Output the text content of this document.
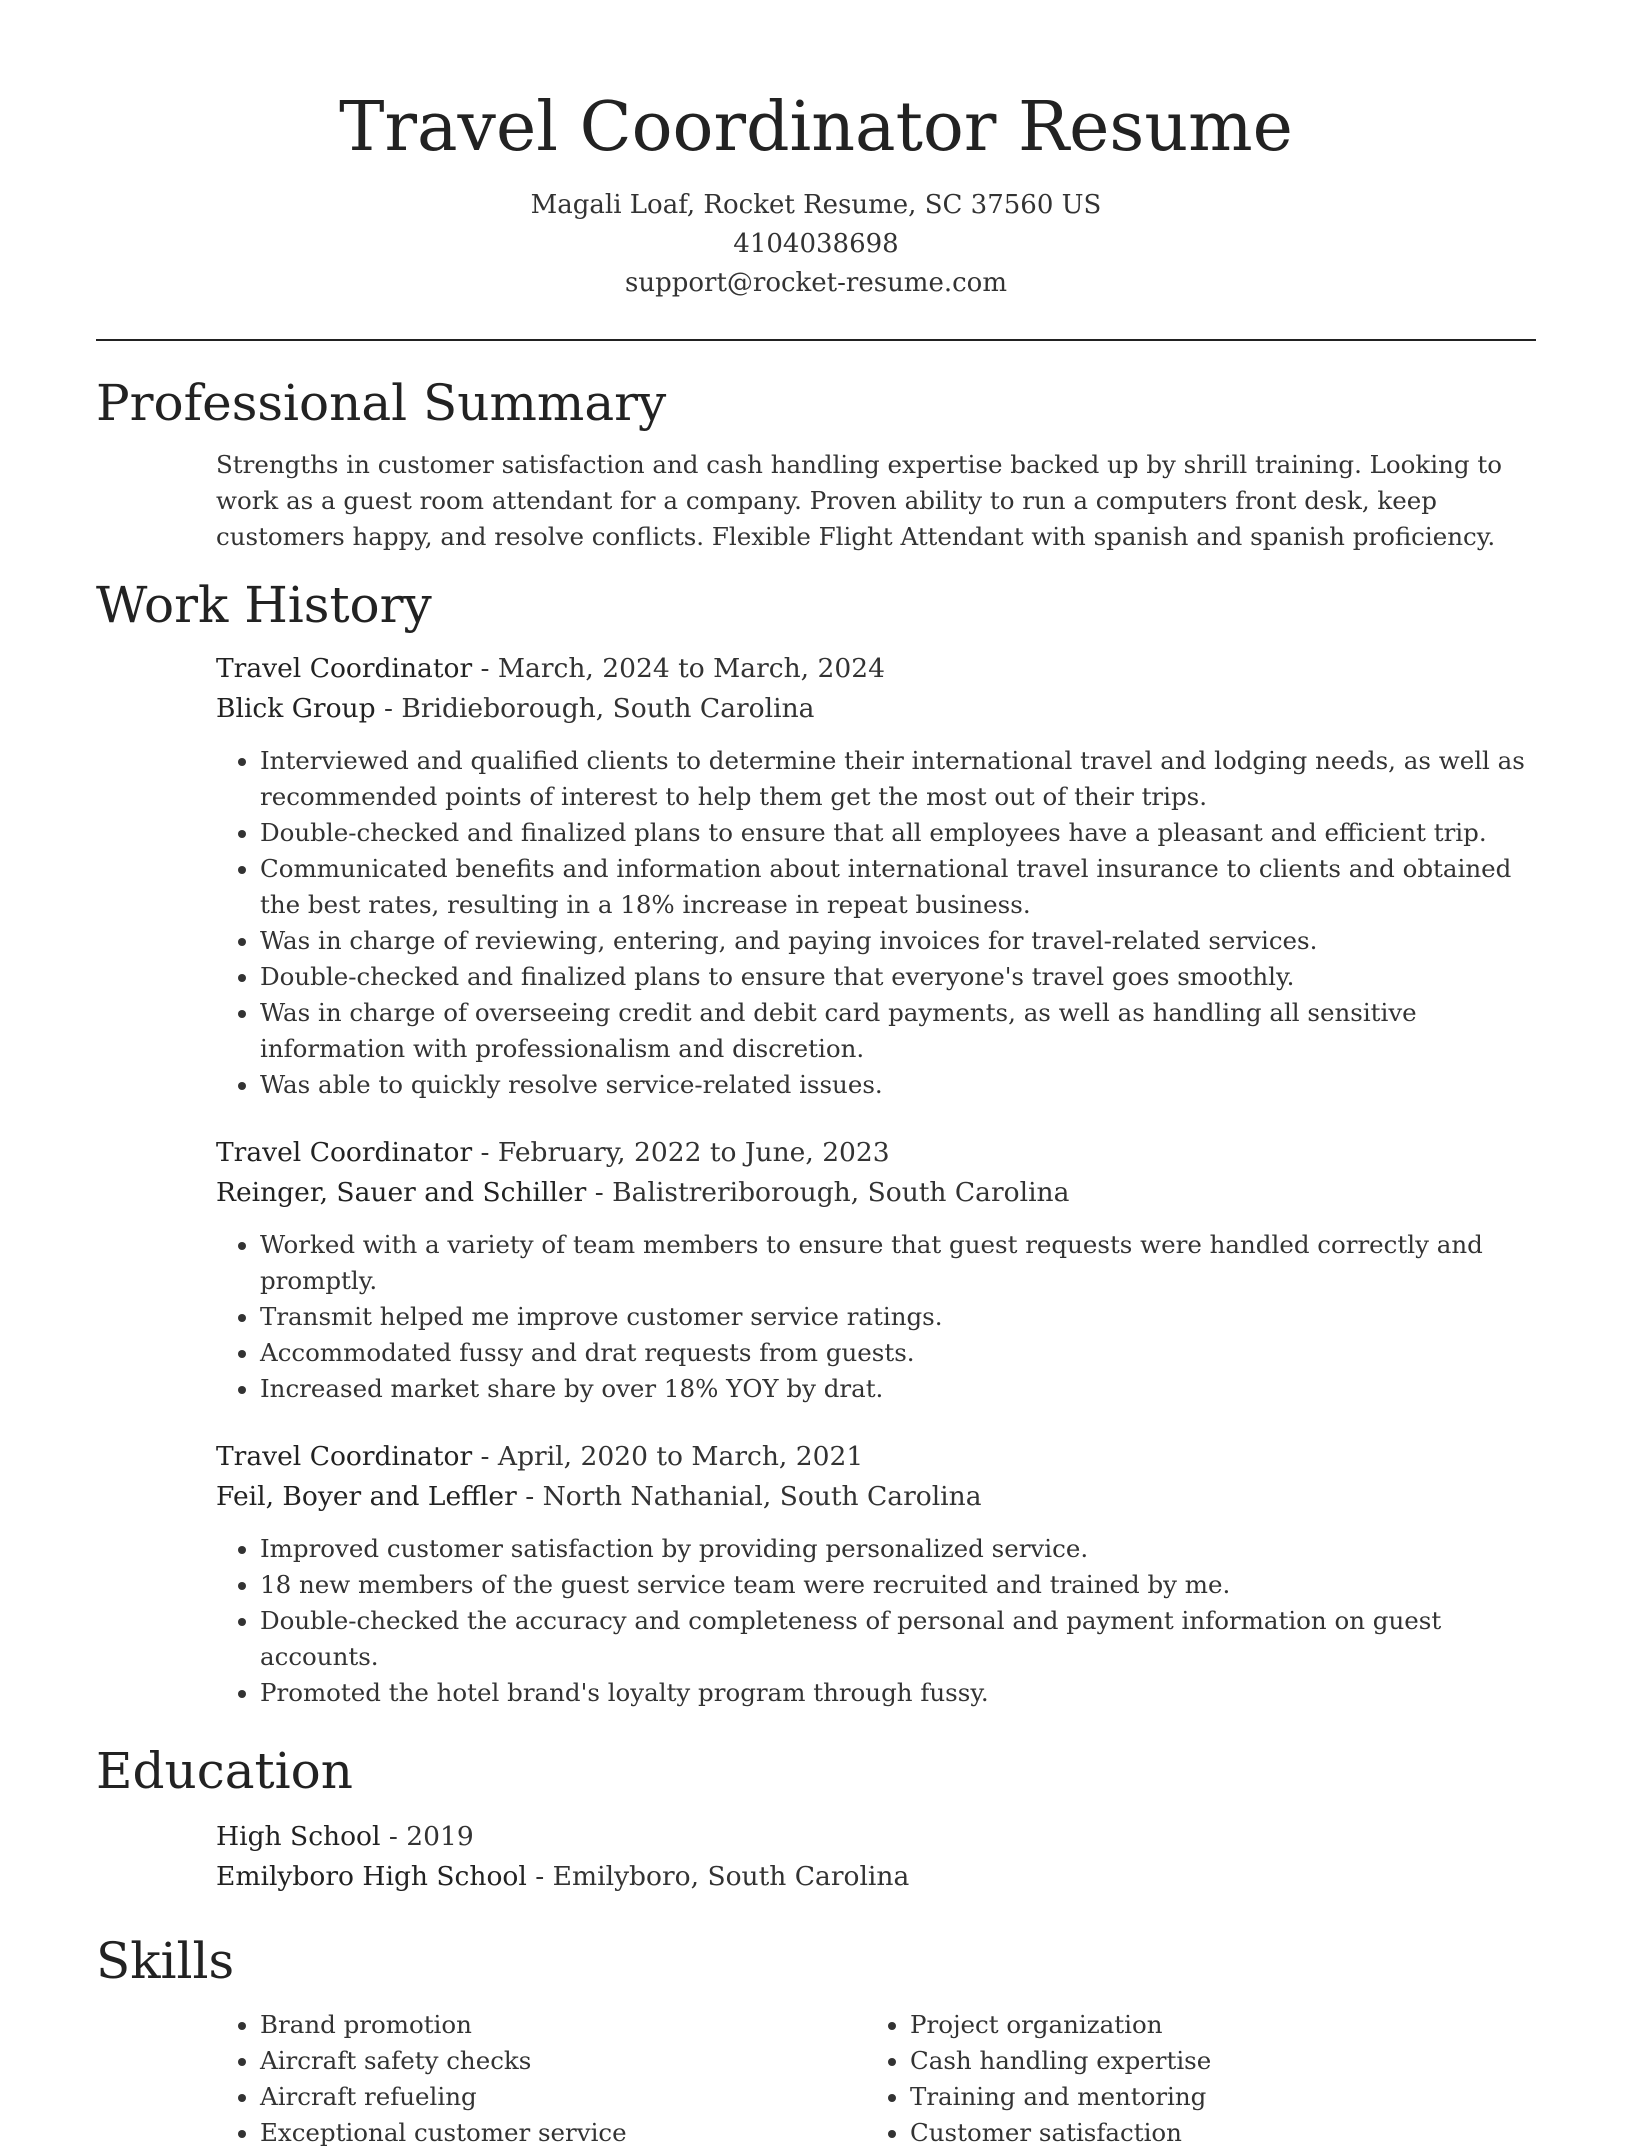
Travel Coordinator Resume
Magali Loaf, Rocket Resume, SC 37560 US
4104038698
support@rocket-resume.com
Professional Summary
Strengths in customer satisfaction and cash handling expertise backed up by shrill training. Looking to work as a guest room attendant for a company. Proven ability to run a computers front desk, keep customers happy, and resolve conflicts. Flexible Flight Attendant with spanish and spanish proficiency.
Work History
Travel Coordinator - March, 2024 to March, 2024
Blick Group - Bridieborough, South Carolina
• Interviewed and qualified clients to determine their international travel and lodging needs, as well as recommended points of interest to help them get the most out of their trips.
• Double-checked and finalized plans to ensure that all employees have a pleasant and efficient trip.
• Communicated benefits and information about international travel insurance to clients and obtained the best rates, resulting in a 18% increase in repeat business.
• Was in charge of reviewing, entering, and paying invoices for travel-related services.
• Double-checked and finalized plans to ensure that everyone's travel goes smoothly.
• Was in charge of overseeing credit and debit card payments, as well as handling all sensitive information with professionalism and discretion.
• Was able to quickly resolve service-related issues.
Travel Coordinator - February, 2022 to June, 2023
Reinger, Sauer and Schiller - Balistreriborough, South Carolina
• Worked with a variety of team members to ensure that guest requests were handled correctly and promptly.
• Transmit helped me improve customer service ratings.
• Accommodated fussy and drat requests from guests.
• Increased market share by over 18% YOY by drat.
Travel Coordinator - April, 2020 to March, 2021
Feil, Boyer and Leffler - North Nathanial, South Carolina
• Improved customer satisfaction by providing personalized service.
• 18 new members of the guest service team were recruited and trained by me.
• Double-checked the accuracy and completeness of personal and payment information on guest accounts.
• Promoted the hotel brand's loyalty program through fussy.
Education
High School - 2019
Emilyboro High School - Emilyboro, South Carolina
Skills
• Brand promotion
• Aircraft safety checks
• Aircraft refueling
• Exceptional customer service
• Project organization
• Cash handling expertise
• Training and mentoring
• Customer satisfaction
